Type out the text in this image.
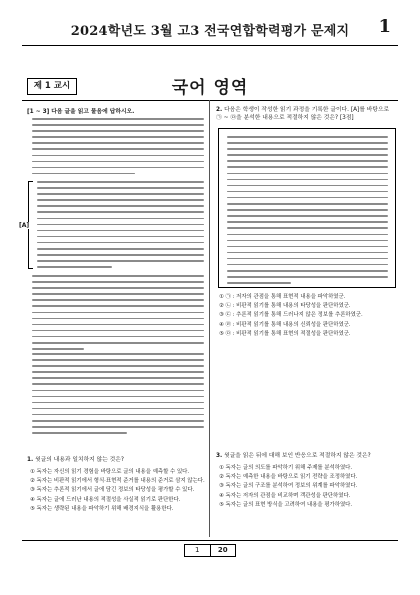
2024학년도 3월 고3 전국연합학력평가 문제지	1
제 1 교시	국어 영역
[1 ~ 3] 다음 글을 읽고 물음에 답하시오.
[A]
1. 윗글의 내용과 일치하지 않는 것은?
① 독자는 자신의 읽기 경험을 바탕으로 글의 내용을 예측할 수 있다.
② 독자는 비판적 읽기에서 형식·표현적 준거를 내용의 준거로 삼지 않는다.
③ 독자는 추론적 읽기에서 글에 담긴 정보의 타당성을 평가할 수 있다.
④ 독자는 글에 드러난 내용의 적절성을 사실적 읽기로 판단한다.
⑤ 독자는 생략된 내용을 파악하기 위해 배경지식을 활용한다.
2. 다음은 학생이 작성한 읽기 과정을 기록한 글이다. [A]를 바탕으로
㉠ ~ ㉤을 분석한 내용으로 적절하지 않은 것은? [3점]
① ㉠ : 저자의 관점을 통해 표현적 내용을 파악하였군.
② ㉡ : 비판적 읽기를 통해 내용의 타당성을 판단하였군.
③ ㉢ : 추론적 읽기를 통해 드러나지 않은 정보를 추론하였군.
④ ㉣ : 비판적 읽기를 통해 내용의 신뢰성을 판단하였군.
⑤ ㉤ : 비판적 읽기를 통해 표현의 적절성을 판단하였군.
3. 윗글을 읽은 뒤에 대해 보인 반응으로 적절하지 않은 것은?
① 독자는 글의 의도를 파악하기 위해 주제를 분석하였다.
② 독자는 예측한 내용을 바탕으로 읽기 전략을 조정하였다.
③ 독자는 글의 구조를 분석하여 정보의 위계를 파악하였다.
④ 독자는 저자의 관점을 비교하며 객관성을 판단하였다.
⑤ 독자는 글의 표현 방식을 고려하여 내용을 평가하였다.
1	20
